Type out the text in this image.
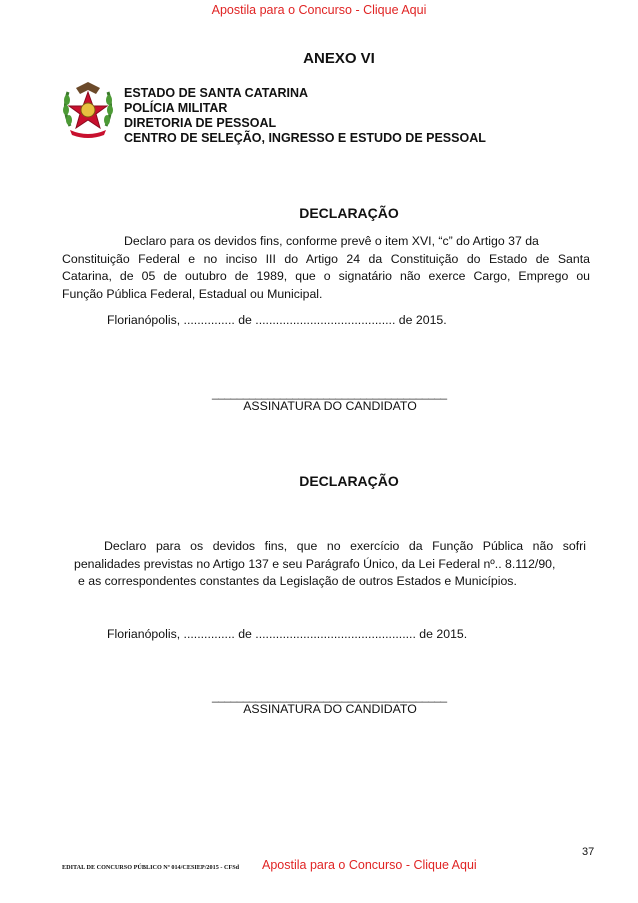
Apostila para o Concurso - Clique Aqui
ANEXO VI
ESTADO DE SANTA CATARINA
POLÍCIA MILITAR
DIRETORIA DE PESSOAL
CENTRO DE SELEÇÃO, INGRESSO E ESTUDO DE PESSOAL
DECLARAÇÃO
Declaro para os devidos fins, conforme prevê o item XVI, “c” do Artigo 37 da
Constituição Federal e no inciso III do Artigo 24 da Constituição do Estado de Santa
Catarina, de 05 de outubro de 1989, que o signatário não exerce Cargo, Emprego ou
Função Pública Federal, Estadual ou Municipal.
Florianópolis, ............... de ......................................... de 2015.
______________________________________
ASSINATURA DO CANDIDATO
DECLARAÇÃO
Declaro para os devidos fins, que no exercício da Função Pública não sofri
penalidades previstas no Artigo 137 e seu Parágrafo Único, da Lei Federal nº.. 8.112/90,
e as correspondentes constantes da Legislação de outros Estados e Municípios.
Florianópolis, ............... de ............................................... de 2015.
______________________________________
ASSINATURA DO CANDIDATO
EDITAL DE CONCURSO PÚBLICO Nº 014/CESIEP/2015 - CFSd Apostila para o Concurso - Clique Aqui
37
